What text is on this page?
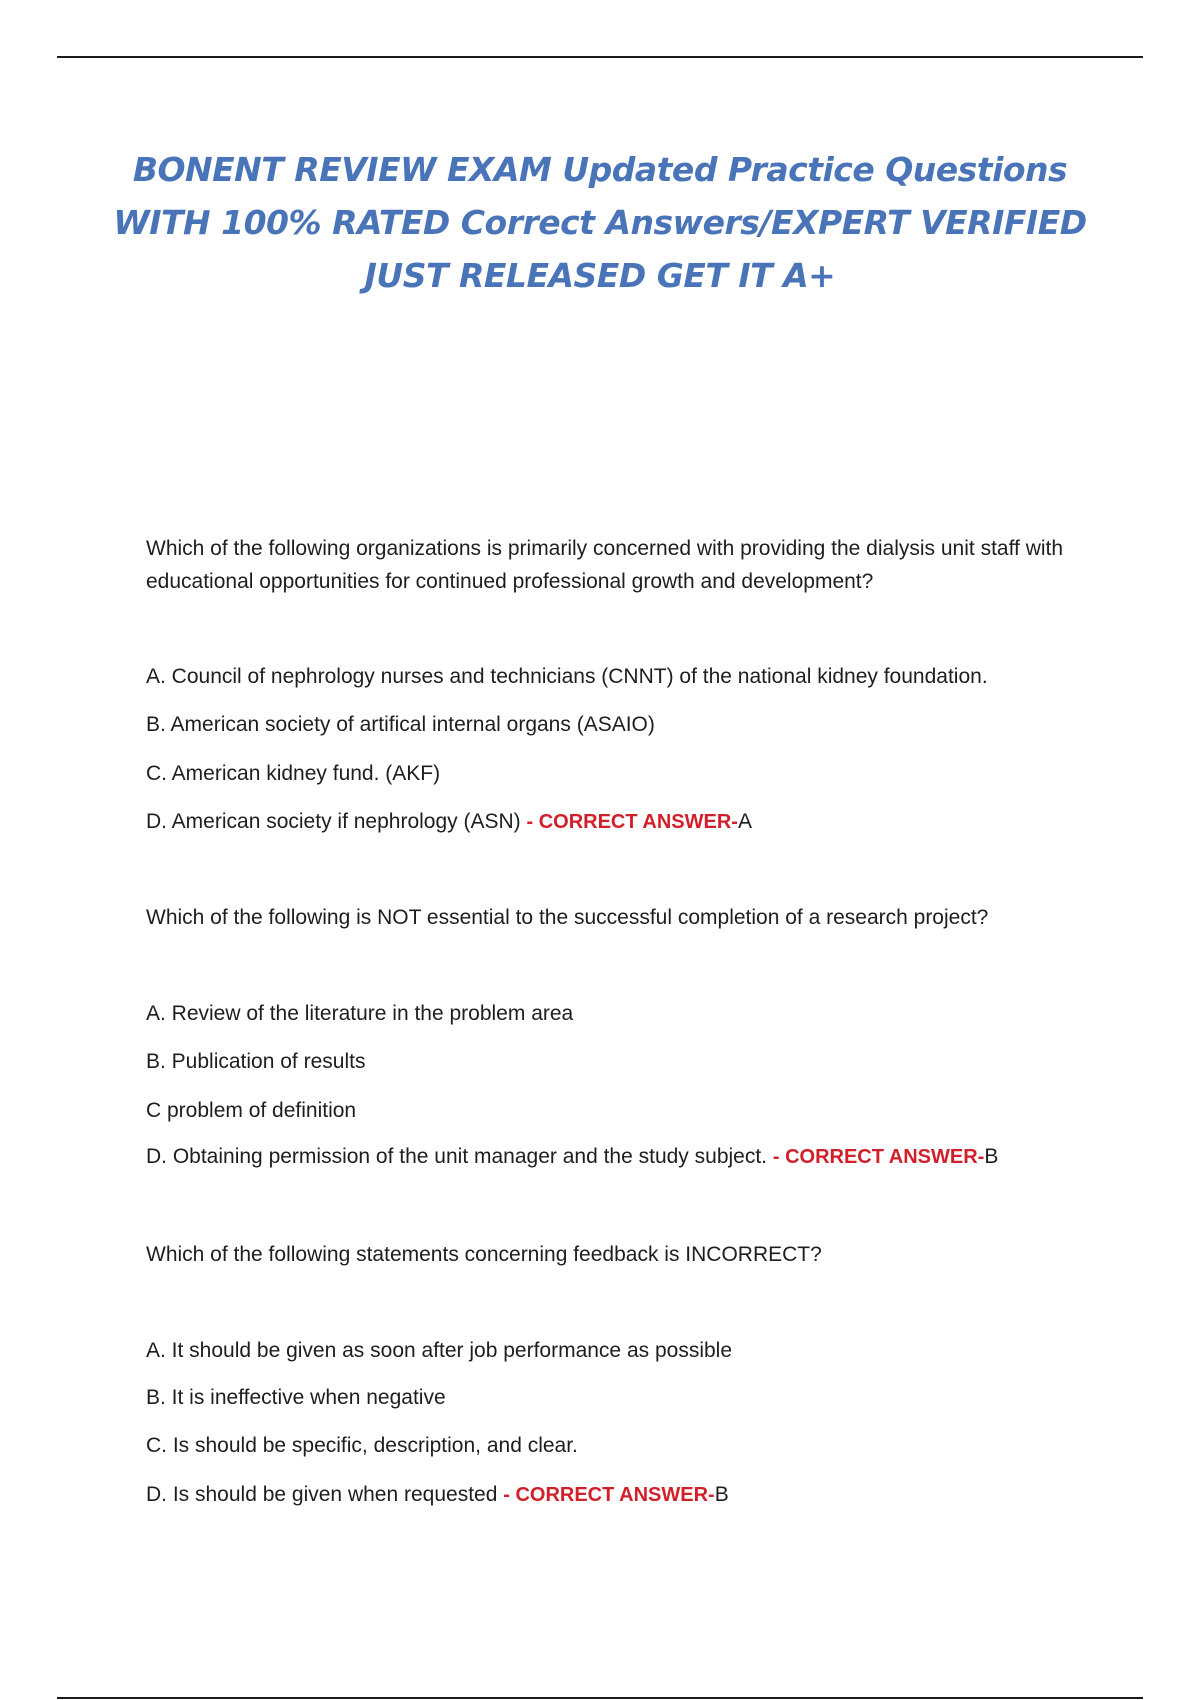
BONENT REVIEW EXAM Updated Practice Questions
WITH 100% RATED Correct Answers/EXPERT VERIFIED
JUST RELEASED GET IT A+

Which of the following organizations is primarily concerned with providing the dialysis unit staff with educational opportunities for continued professional growth and development?

A. Council of nephrology nurses and technicians (CNNT) of the national kidney foundation.

B. American society of artifical internal organs (ASAIO)

C. American kidney fund. (AKF)

D. American society if nephrology (ASN) - CORRECT ANSWER-A

Which of the following is NOT essential to the successful completion of a research project?

A. Review of the literature in the problem area

B. Publication of results

C problem of definition

D. Obtaining permission of the unit manager and the study subject. - CORRECT ANSWER-B

Which of the following statements concerning feedback is INCORRECT?

A. It should be given as soon after job performance as possible

B. It is ineffective when negative

C. Is should be specific, description, and clear.

D. Is should be given when requested - CORRECT ANSWER-B
